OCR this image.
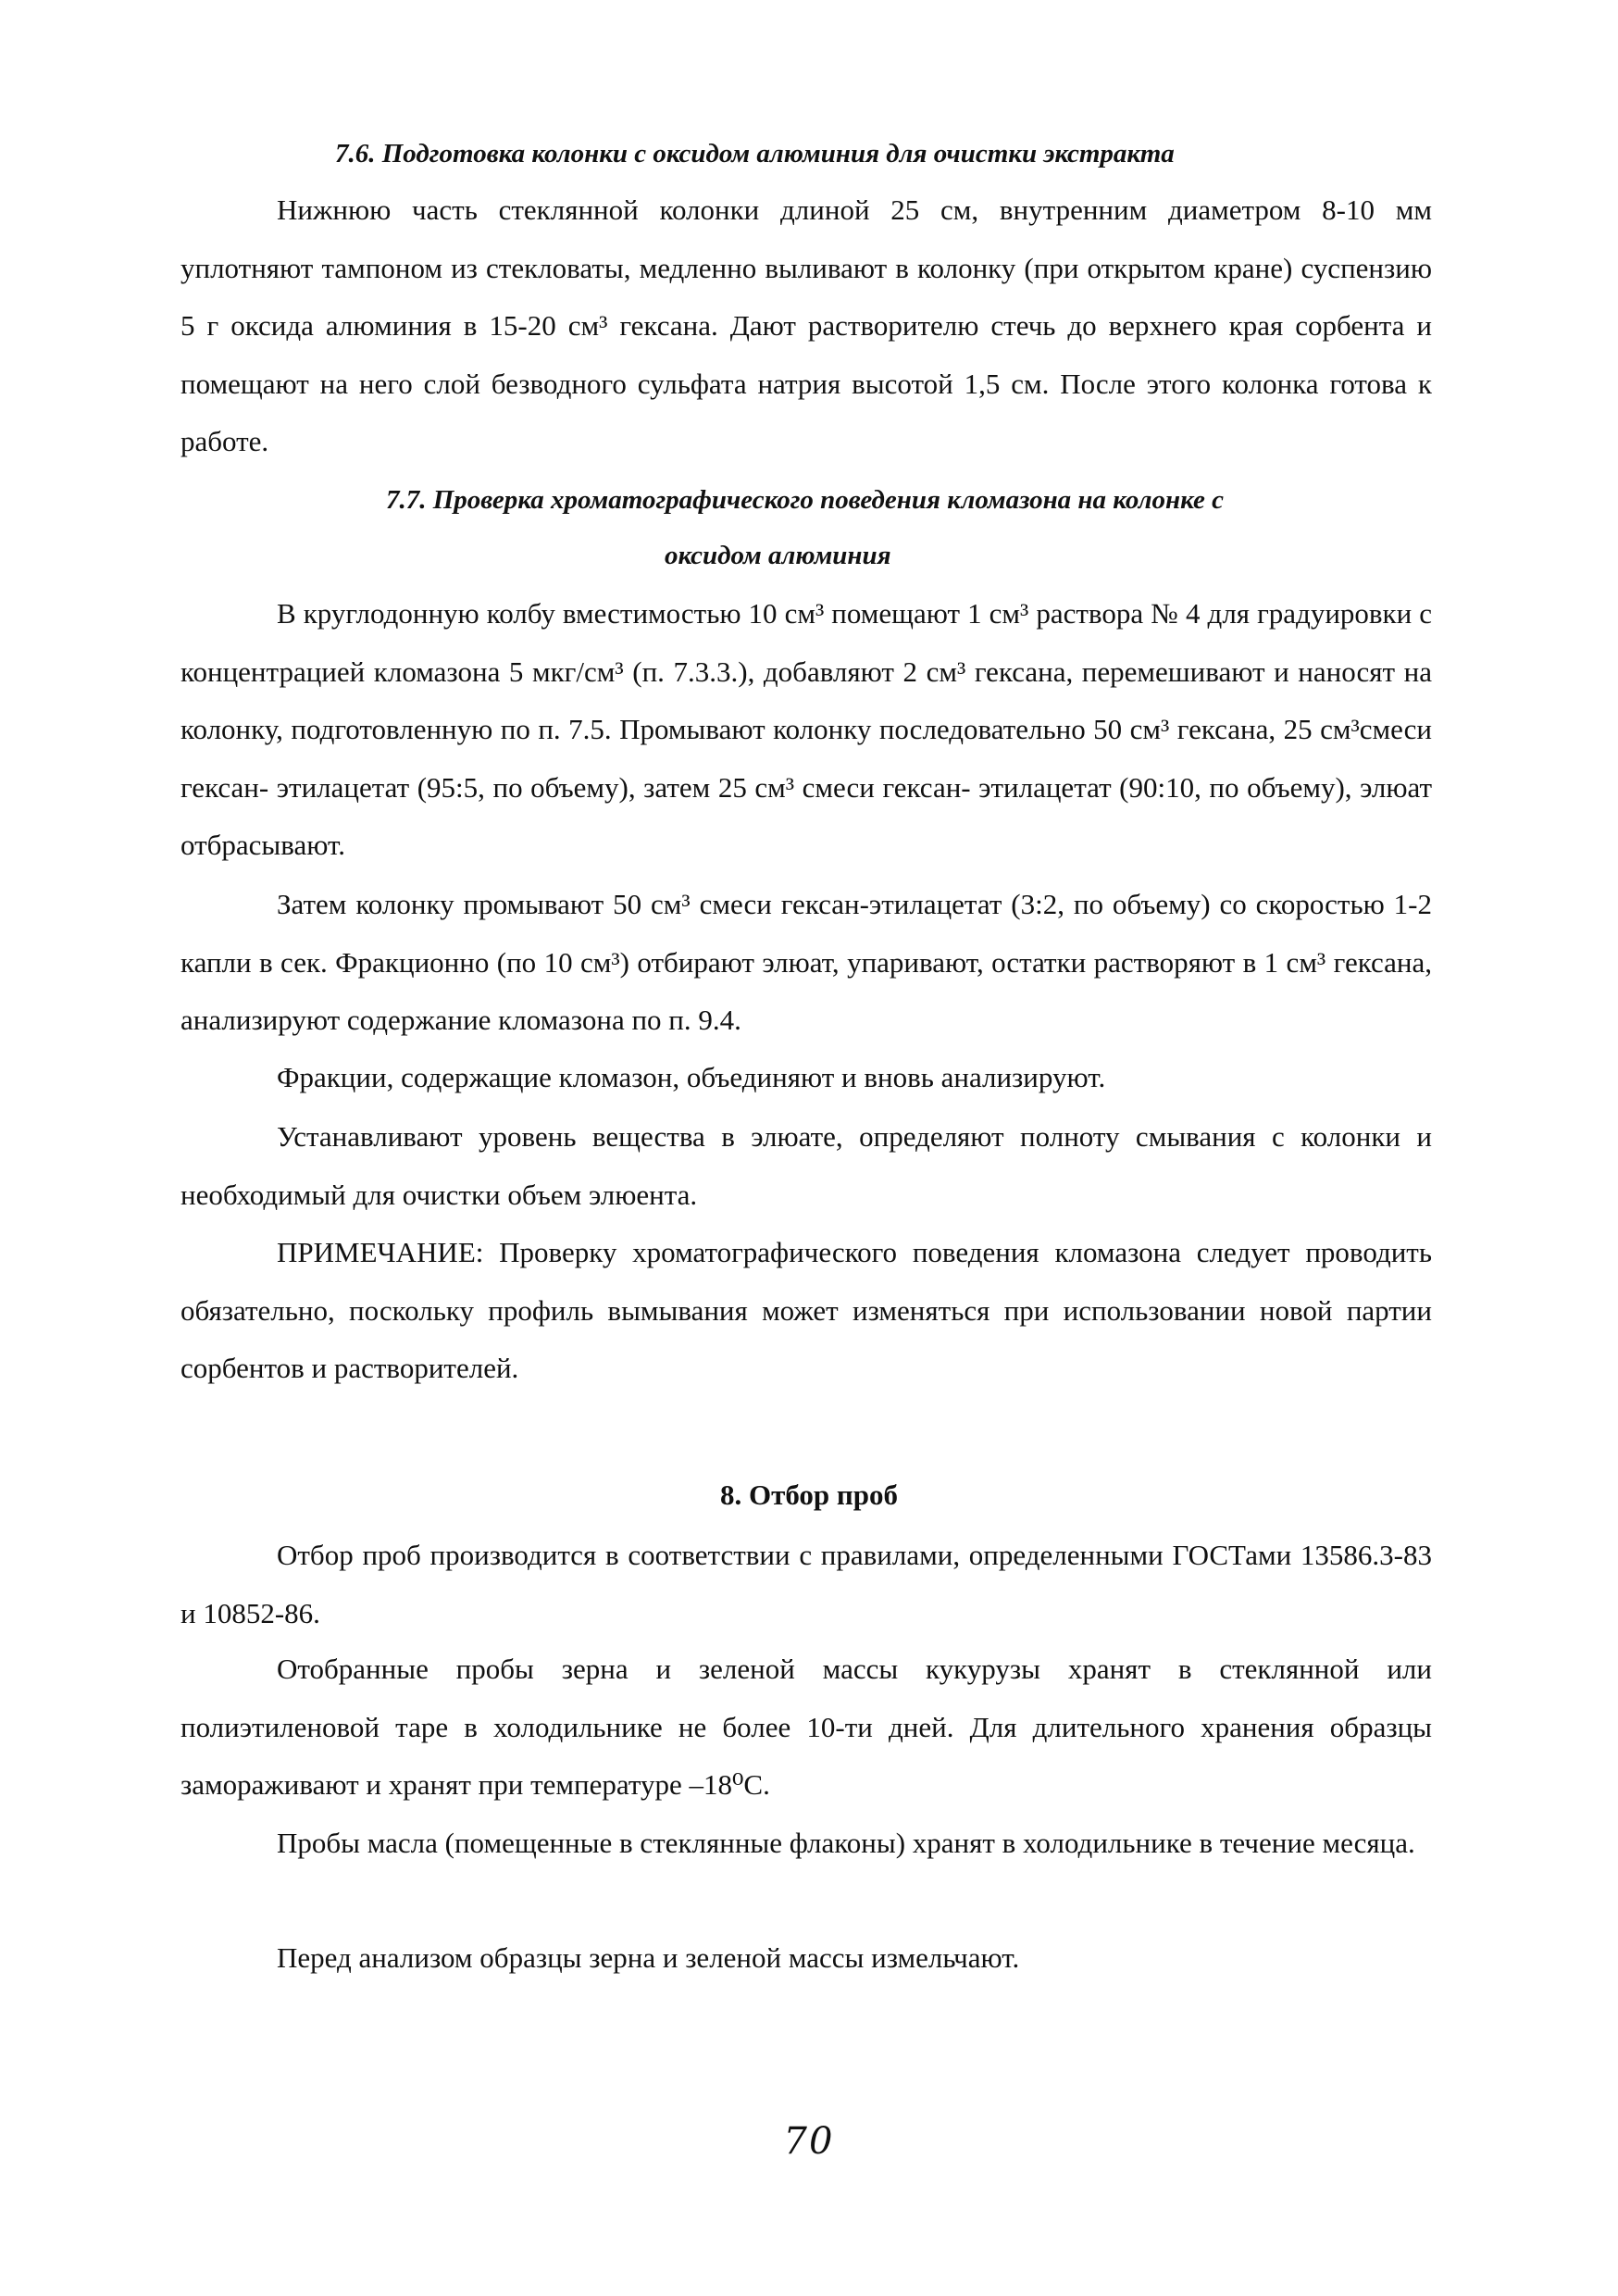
7.6. Подготовка колонки с оксидом алюминия для очистки экстракта
Нижнюю часть стеклянной колонки длиной 25 см, внутренним диаметром 8-10 мм уплотняют тампоном из стекловаты, медленно выливают в колонку (при открытом кране) суспензию 5 г оксида алюминия в 15-20 см³ гексана. Дают растворителю стечь до верхнего края сорбента и помещают на него слой безводного сульфата натрия высотой 1,5 см. После этого колонка готова к работе.
7.7. Проверка хроматографического поведения кломазона на колонке с
оксидом алюминия
В круглодонную колбу вместимостью 10 см³ помещают 1 см³ раствора № 4 для градуировки с концентрацией кломазона 5 мкг/см³ (п. 7.3.3.), добавляют 2 см³ гексана, перемешивают и наносят на колонку, подготовленную по п. 7.5. Промывают колонку последовательно 50 см³ гексана, 25 см³смеси гексан- этилацетат (95:5, по объему), затем 25 см³ смеси гексан- этилацетат (90:10, по объему), элюат отбрасывают.
Затем колонку промывают 50 см³ смеси гексан-этилацетат (3:2, по объему) со скоростью 1-2 капли в сек. Фракционно (по 10 см³) отбирают элюат, упаривают, остатки растворяют в 1 см³ гексана, анализируют содержание кломазона по п. 9.4.
Фракции, содержащие кломазон, объединяют и вновь анализируют.
Устанавливают уровень вещества в элюате, определяют полноту смывания с колонки и необходимый для очистки объем элюента.
ПРИМЕЧАНИЕ: Проверку хроматографического поведения кломазона следует проводить обязательно, поскольку профиль вымывания может изменяться при использовании новой партии сорбентов и растворителей.
8. Отбор проб
Отбор проб производится в соответствии с правилами, определенными ГОСТами 13586.3-83 и 10852-86.
Отобранные пробы зерна и зеленой массы кукурузы хранят в стеклянной или полиэтиленовой таре в холодильнике не более 10-ти дней. Для длительного хранения образцы замораживают и хранят при температуре –18⁰С.
Пробы масла (помещенные в стеклянные флаконы) хранят в холодильнике в течение месяца.
Перед анализом образцы зерна и зеленой массы измельчают.
70
